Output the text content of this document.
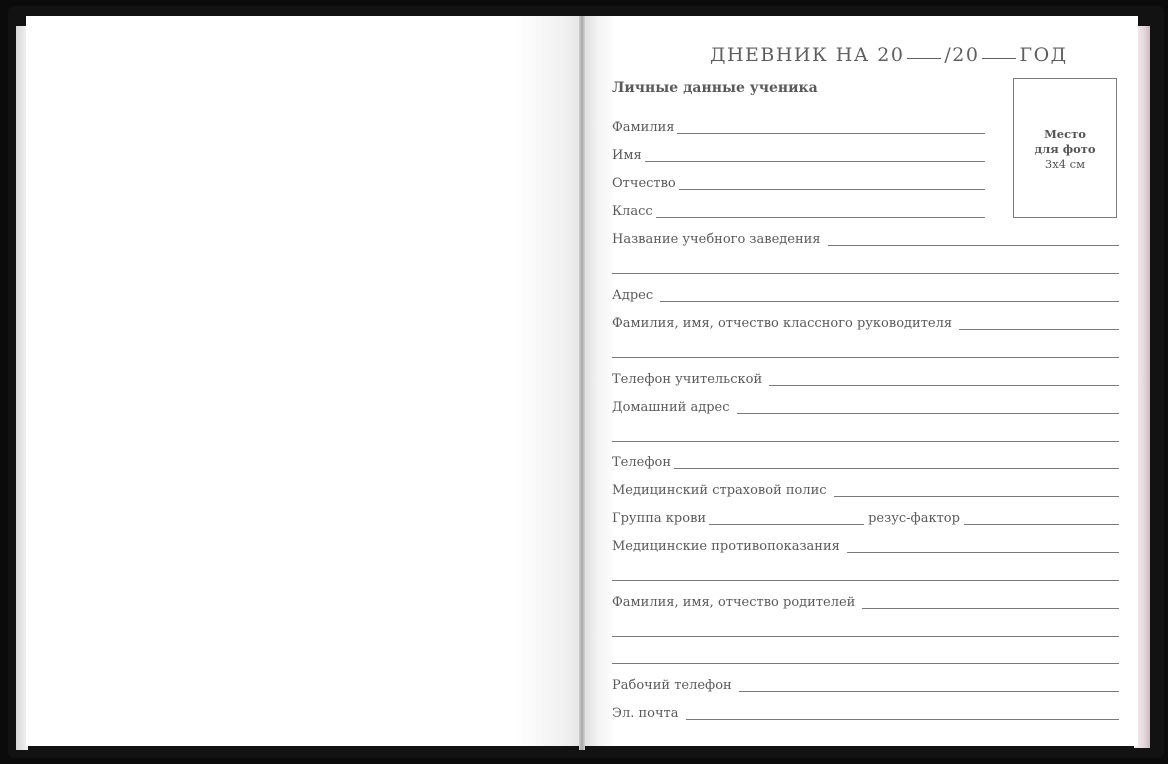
ДНЕВНИК НА 20 /20 ГОД
Личные данные ученика
Место
для фото
3x4 см
Фамилия
Имя
Отчество
Класс
Название учебного заведения
Адрес
Фамилия, имя, отчество классного руководителя
Телефон учительской
Домашний адрес
Телефон
Медицинский страховой полис
Группа крови	резус-фактор
Медицинские противопоказания
Фамилия, имя, отчество родителей
Рабочий телефон
Эл. почта
